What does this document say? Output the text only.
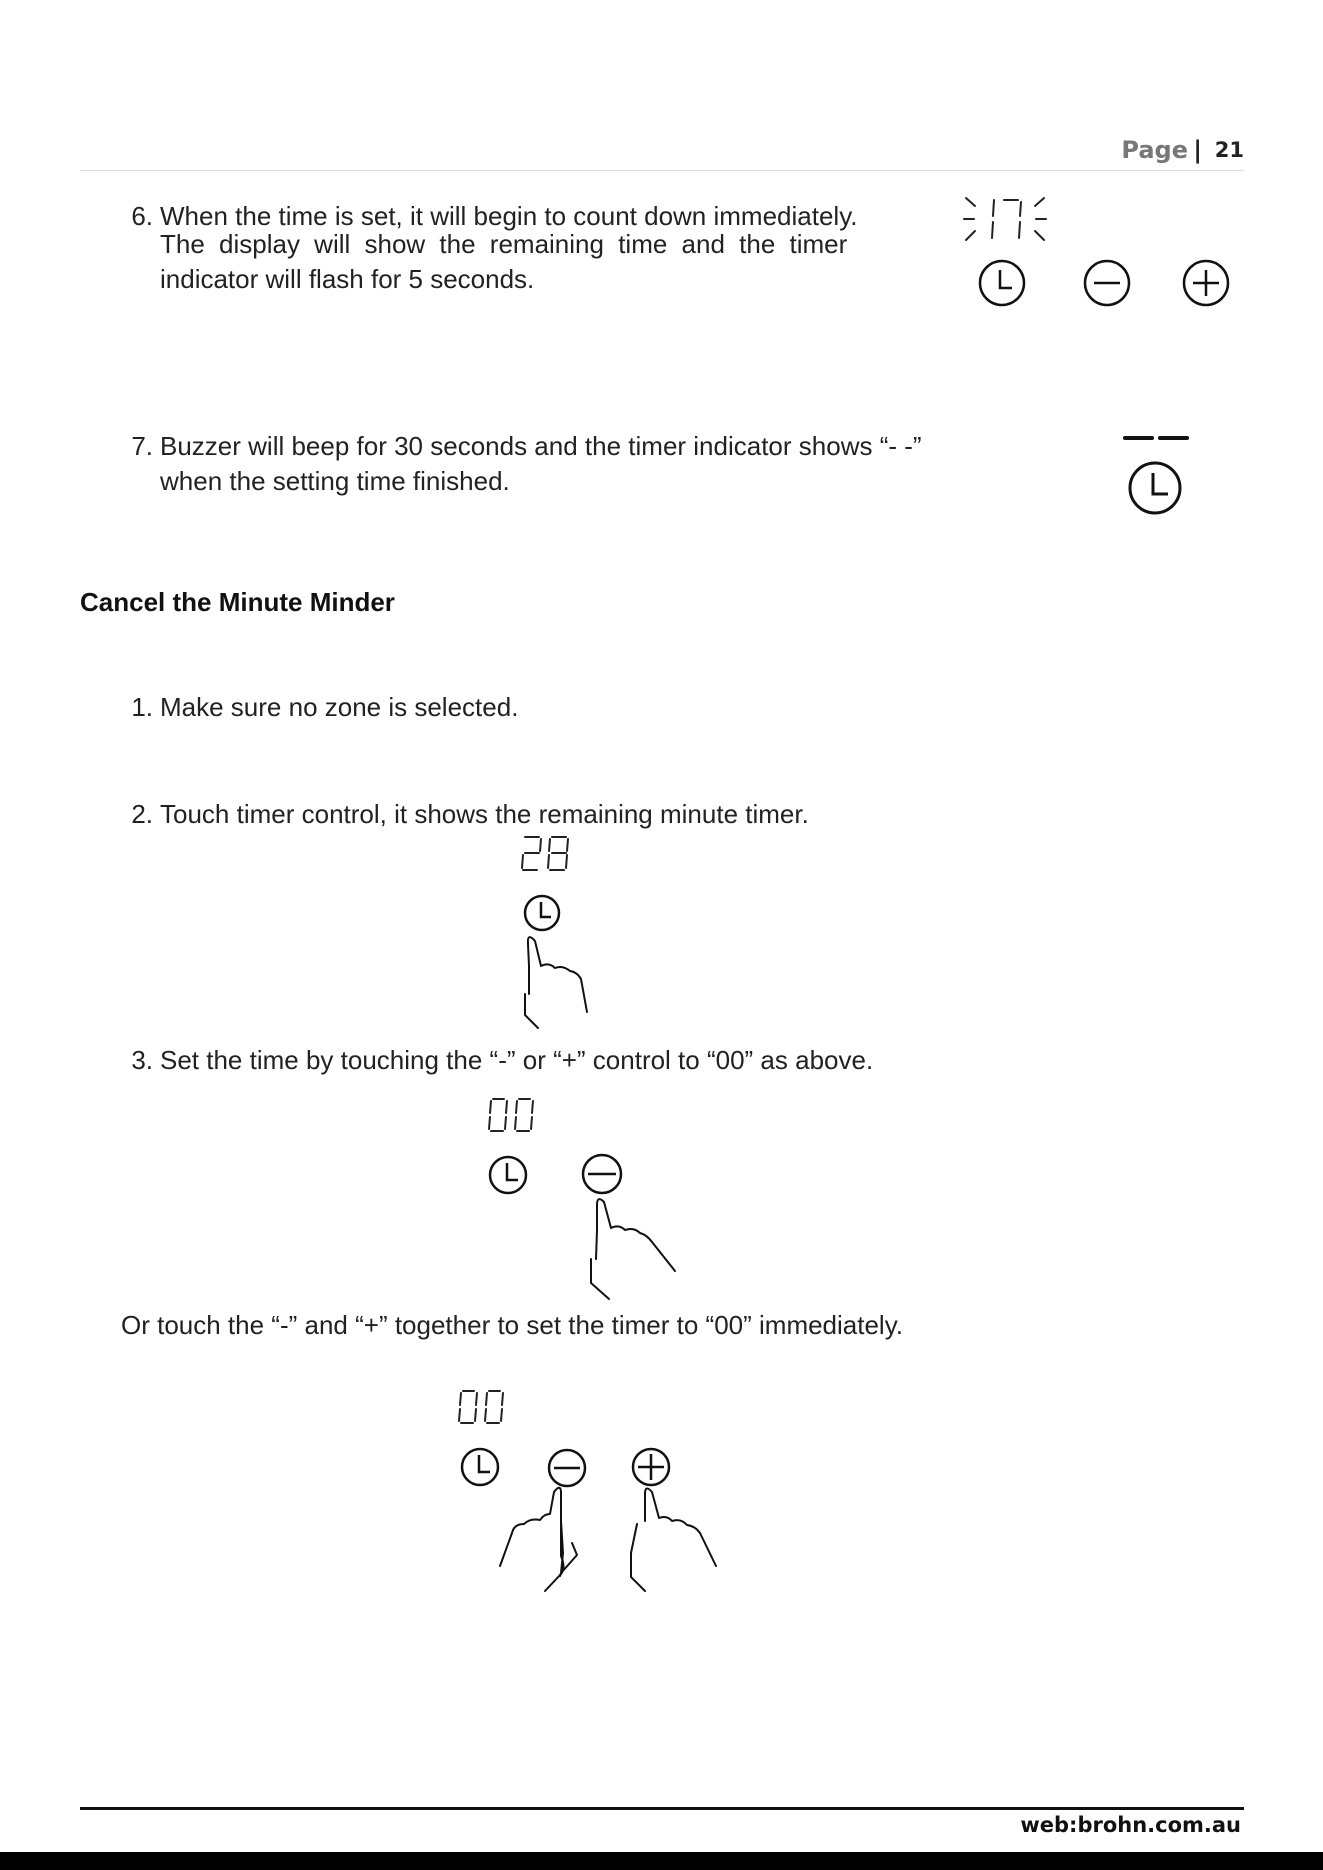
Page | 21
6. When the time is set, it will begin to count down immediately.
The display will show the remaining time and the timer
indicator will flash for 5 seconds.
7. Buzzer will beep for 30 seconds and the timer indicator shows “- -”
when the setting time finished.
Cancel the Minute Minder
1. Make sure no zone is selected.
2. Touch timer control, it shows the remaining minute timer.
3. Set the time by touching the “-” or “+” control to “00” as above.
Or touch the “-” and “+” together to set the timer to “00” immediately.
web:brohn.com.au
